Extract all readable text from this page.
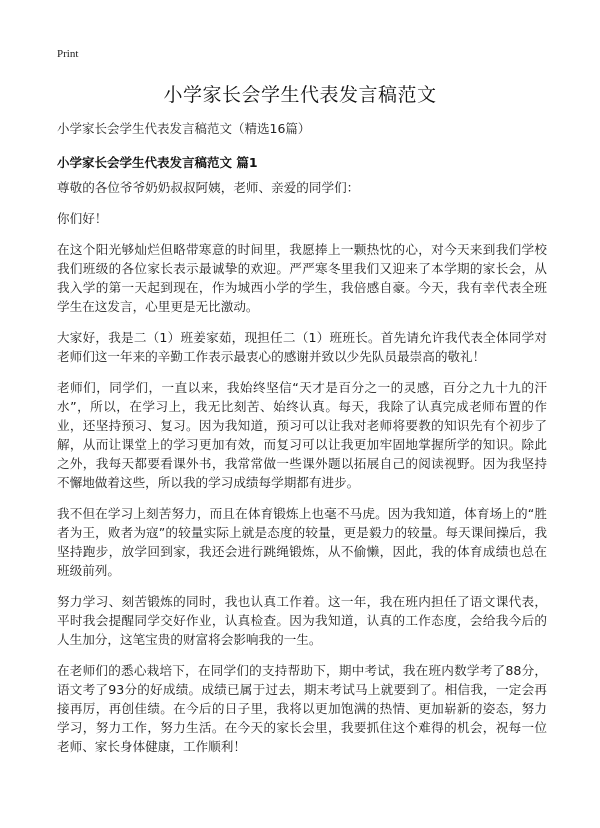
Print
小学家长会学生代表发言稿范文
小学家长会学生代表发言稿范文（精选16篇）
小学家长会学生代表发言稿范文 篇1

尊敬的各位爷爷奶奶叔叔阿姨，老师、亲爱的同学们：

你们好！

在这个阳光够灿烂但略带寒意的时间里，我愿捧上一颗热忱的心，对今天来到我们学校我们班级的各位家长表示最诚挚的欢迎。严严寒冬里我们又迎来了本学期的家长会，从我入学的第一天起到现在，作为城西小学的学生，我倍感自豪。今天，我有幸代表全班学生在这发言，心里更是无比激动。

大家好，我是二（1）班姜家茹，现担任二（1）班班长。首先请允许我代表全体同学对老师们这一年来的辛勤工作表示最衷心的感谢并致以少先队员最崇高的敬礼！

老师们，同学们，一直以来，我始终坚信“天才是百分之一的灵感，百分之九十九的汗水”，所以，在学习上，我无比刻苦、始终认真。每天，我除了认真完成老师布置的作业，还坚持预习、复习。因为我知道，预习可以让我对老师将要教的知识先有个初步了解，从而让课堂上的学习更加有效，而复习可以让我更加牢固地掌握所学的知识。除此之外，我每天都要看课外书，我常常做一些课外题以拓展自己的阅读视野。因为我坚持不懈地做着这些，所以我的学习成绩每学期都有进步。

我不但在学习上刻苦努力，而且在体育锻炼上也毫不马虎。因为我知道，体育场上的“胜者为王，败者为寇”的较量实际上就是态度的较量，更是毅力的较量。每天课间操后，我坚持跑步，放学回到家，我还会进行跳绳锻炼，从不偷懒，因此，我的体育成绩也总在班级前列。

努力学习、刻苦锻炼的同时，我也认真工作着。这一年，我在班内担任了语文课代表，平时我会提醒同学交好作业，认真检查。因为我知道，认真的工作态度，会给我今后的人生加分，这笔宝贵的财富将会影响我的一生。

在老师们的悉心栽培下，在同学们的支持帮助下，期中考试，我在班内数学考了88分，语文考了93分的好成绩。成绩已属于过去，期末考试马上就要到了。相信我，一定会再接再厉，再创佳绩。在今后的日子里，我将以更加饱满的热情、更加崭新的姿态，努力学习，努力工作，努力生活。在今天的家长会里，我要抓住这个难得的机会，祝每一位老师、家长身体健康，工作顺利！
